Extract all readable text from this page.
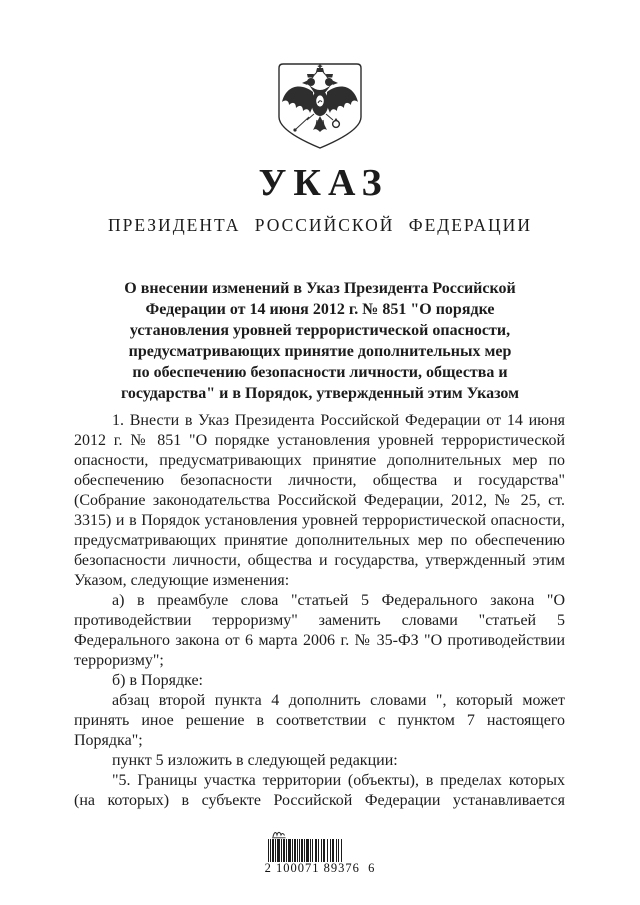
УКАЗ
ПРЕЗИДЕНТА РОССИЙСКОЙ ФЕДЕРАЦИИ
О внесении изменений в Указ Президента Российской
Федерации от 14 июня 2012 г. № 851 "О порядке
установления уровней террористической опасности,
предусматривающих принятие дополнительных мер
по обеспечению безопасности личности, общества и
государства" и в Порядок, утвержденный этим Указом

1. Внести в Указ Президента Российской Федерации от 14 июня 2012 г. № 851 "О порядке установления уровней террористической опасности, предусматривающих принятие дополнительных мер по обеспечению безопасности личности, общества и государства" (Собрание законодательства Российской Федерации, 2012, № 25, ст. 3315) и в Порядок установления уровней террористической опасности, предусматривающих принятие дополнительных мер по обеспечению безопасности личности, общества и государства, утвержденный этим Указом, следующие изменения:

а) в преамбуле слова "статьей 5 Федерального закона "О противодействии терроризму" заменить словами "статьей 5 Федерального закона от 6 марта 2006 г. № 35-ФЗ "О противодействии терроризму";

б) в Порядке:

абзац второй пункта 4 дополнить словами ", который может принять иное решение в соответствии с пунктом 7 настоящего Порядка";

пункт 5 изложить в следующей редакции:

"5. Границы участка территории (объекты), в пределах которых (на которых) в субъекте Российской Федерации устанавливается

2 100071 89376  6
